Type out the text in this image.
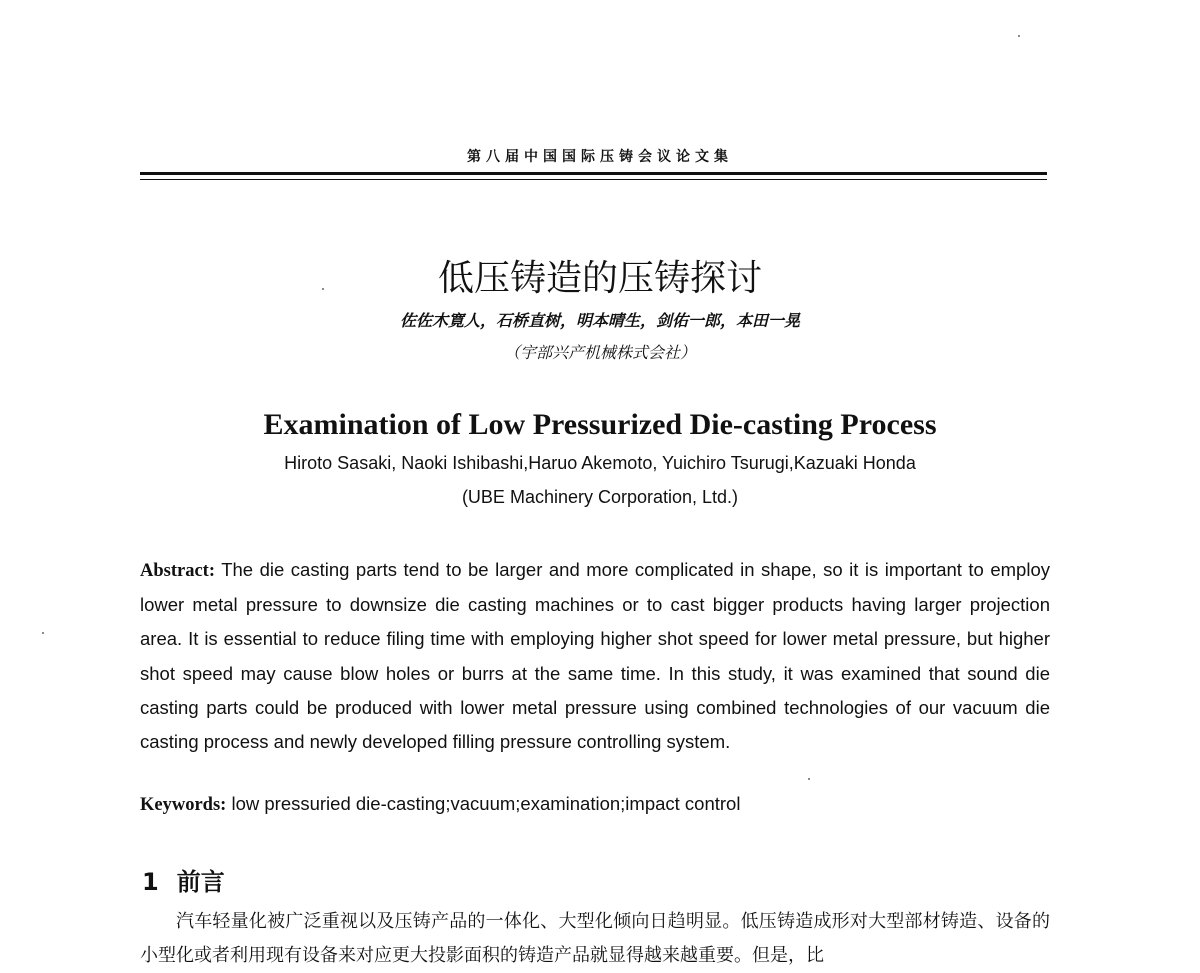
第八届中国国际压铸会议论文集
低压铸造的压铸探讨
佐佐木寛人，石桥直树，明本晴生，剑佑一郎，本田一晃
（宇部兴产机械株式会社）
Examination of Low Pressurized Die-casting Process
Hiroto Sasaki, Naoki Ishibashi,Haruo Akemoto, Yuichiro Tsurugi,Kazuaki Honda
(UBE Machinery Corporation, Ltd.)
Abstract: The die casting parts tend to be larger and more complicated in shape, so it is important to employ lower metal pressure to downsize die casting machines or to cast bigger products having larger projection area. It is essential to reduce filing time with employing higher shot speed for lower metal pressure, but higher shot speed may cause blow holes or burrs at the same time. In this study, it was examined that sound die casting parts could be produced with lower metal pressure using combined technologies of our vacuum die casting process and newly developed filling pressure controlling system.
Keywords: low pressuried die-casting;vacuum;examination;impact control
1 前言
汽车轻量化被广泛重视以及压铸产品的一体化、大型化倾向日趋明显。低压铸造成形对大型部材铸造、设备的小型化或者利用现有设备来对应更大投影面积的铸造产品就显得越来越重要。但是，比
